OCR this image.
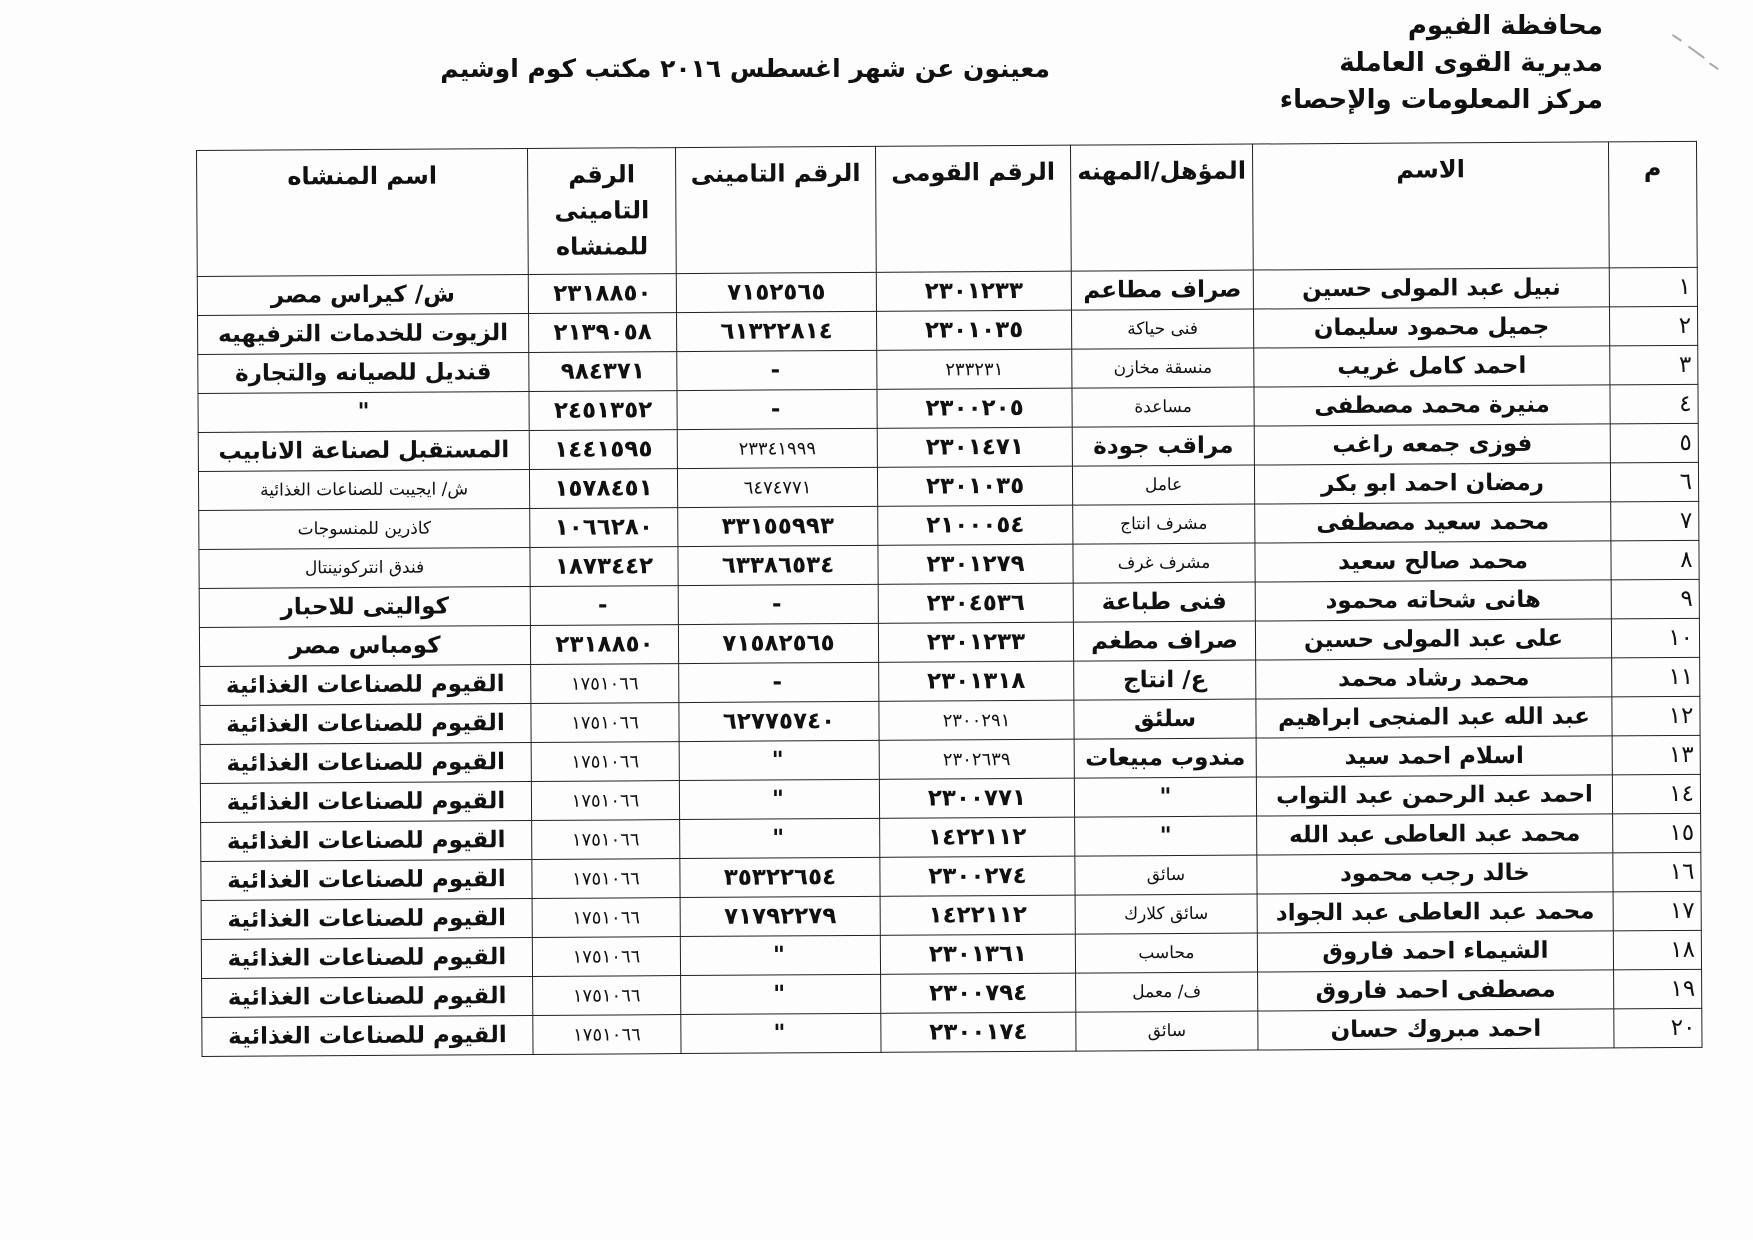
محافظة الفيوم
مديرية القوى العاملة
مركز المعلومات والإحصاء
معينون عن شهر اغسطس ٢٠١٦ مكتب كوم اوشيم
م	الاسم	المؤهل/المهنه	الرقم القومى	الرقم التامينى	الرقم التامينى للمنشاه	اسم المنشاه
١	نبيل عبد المولى حسين	صراف مطاعم	٢٣٠١٢٣٣	٧١٥٢٥٦٥	٢٣١٨٨٥٠	ش/ كيراس مصر
٢	جميل محمود سليمان	فنى حياكة	٢٣٠١٠٣٥	٦١٣٢٢٨١٤	٢١٣٩٠٥٨	الزيوت للخدمات الترفيهيه
٣	احمد كامل غريب	منسقة مخازن	٢٣٣٢٣١	-	٩٨٤٣٧١	قنديل للصيانه والتجارة
٤	منيرة محمد مصطفى	مساعدة	٢٣٠٠٢٠٥	-	٢٤٥١٣٥٢	"
٥	فوزى جمعه راغب	مراقب جودة	٢٣٠١٤٧١	٢٣٣٤١٩٩٩	١٤٤١٥٩٥	المستقبل لصناعة الانابيب
٦	رمضان احمد ابو بكر	عامل	٢٣٠١٠٣٥	٦٤٧٤٧٧١	١٥٧٨٤٥١	ش/ ايجيبت للصناعات الغذائية
٧	محمد سعيد مصطفى	مشرف انتاج	٢١٠٠٠٥٤	٣٣١٥٥٩٩٣	١٠٦٦٢٨٠	كاذرين للمنسوجات
٨	محمد صالح سعيد	مشرف غرف	٢٣٠١٢٧٩	٦٣٣٨٦٥٣٤	١٨٧٣٤٤٢	فندق انتركونينتال
٩	هانى شحاته محمود	فنى طباعة	٢٣٠٤٥٣٦	-	-	كواليتى للاحبار
١٠	على عبد المولى حسين	صراف مطغم	٢٣٠١٢٣٣	٧١٥٨٢٥٦٥	٢٣١٨٨٥٠	كومباس مصر
١١	محمد رشاد محمد	ع/ انتاج	٢٣٠١٣١٨	-	١٧٥١٠٦٦	القيوم للصناعات الغذائية
١٢	عبد الله عبد المنجى ابراهيم	سلئق	٢٣٠٠٢٩١	٦٢٧٧٥٧٤٠	١٧٥١٠٦٦	القيوم للصناعات الغذائية
١٣	اسلام احمد سيد	مندوب مبيعات	٢٣٠٢٦٣٩	"	١٧٥١٠٦٦	القيوم للصناعات الغذائية
١٤	احمد عبد الرحمن عبد التواب	"	٢٣٠٠٧٧١	"	١٧٥١٠٦٦	القيوم للصناعات الغذائية
١٥	محمد عبد العاطى عبد الله	"	١٤٢٢١١٢	"	١٧٥١٠٦٦	القيوم للصناعات الغذائية
١٦	خالد رجب محمود	سائق	٢٣٠٠٢٧٤	٣٥٣٢٢٦٥٤	١٧٥١٠٦٦	القيوم للصناعات الغذائية
١٧	محمد عبد العاطى عبد الجواد	سائق كلارك	١٤٢٢١١٢	٧١٧٩٢٢٧٩	١٧٥١٠٦٦	القيوم للصناعات الغذائية
١٨	الشيماء احمد فاروق	محاسب	٢٣٠١٣٦١	"	١٧٥١٠٦٦	القيوم للصناعات الغذائية
١٩	مصطفى احمد فاروق	ف/ معمل	٢٣٠٠٧٩٤	"	١٧٥١٠٦٦	القيوم للصناعات الغذائية
٢٠	احمد مبروك حسان	سائق	٢٣٠٠١٧٤	"	١٧٥١٠٦٦	القيوم للصناعات الغذائية
